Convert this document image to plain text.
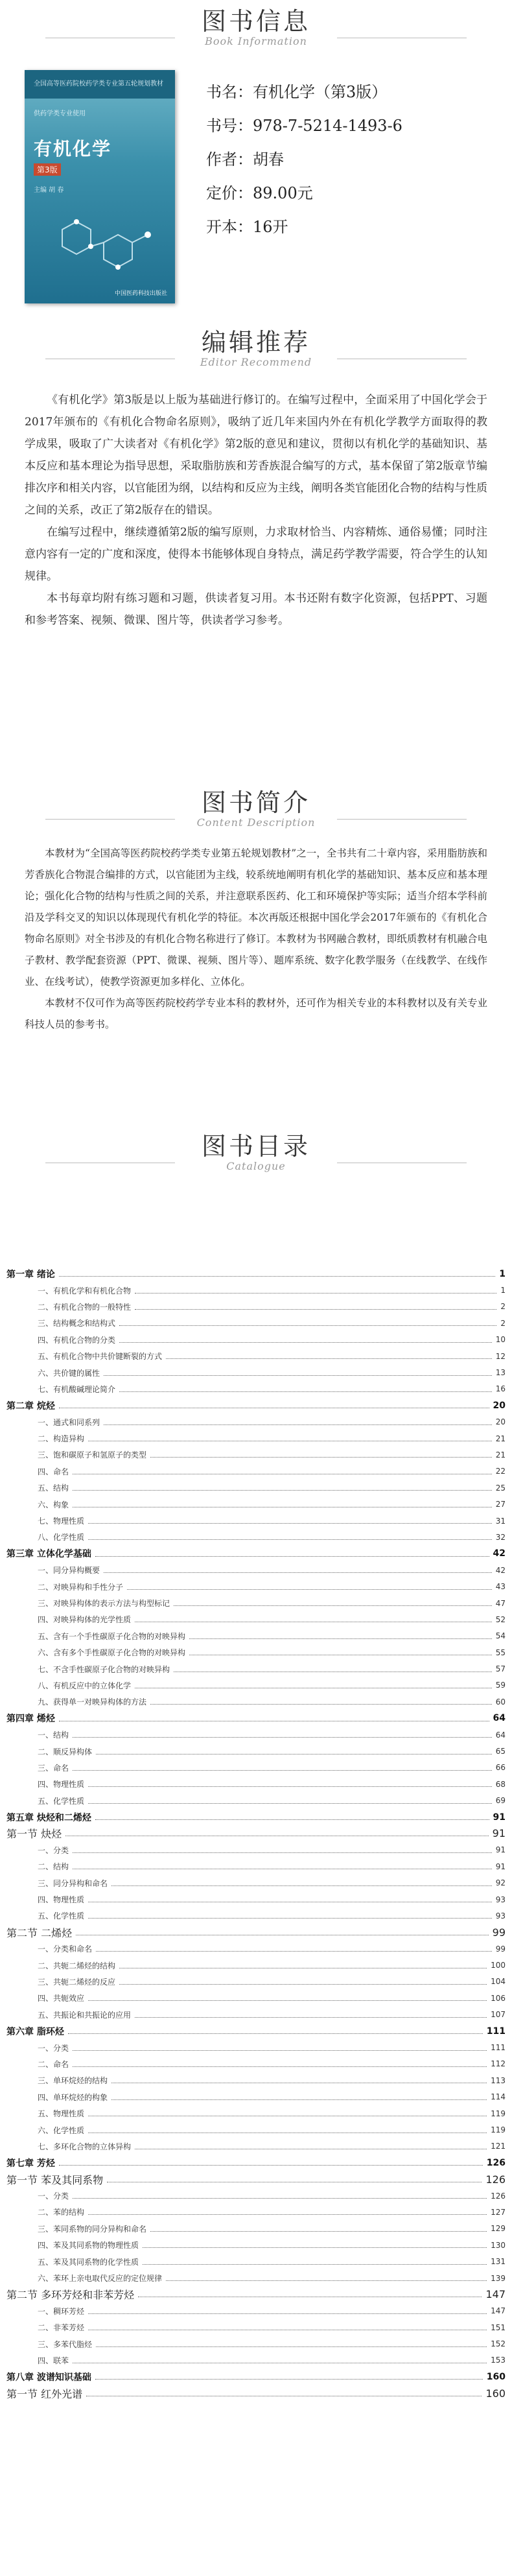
图书信息
Book Information
全国高等医药院校药学类专业第五轮规划教材
供药学类专业使用
有机化学
第3版
主编 胡 春
中国医药科技出版社
书名：有机化学（第3版）
书号：978-7-5214-1493-6
作者：胡春
定价：89.00元
开本：16开
编辑推荐
Editor Recommend

《有机化学》第3版是以上版为基础进行修订的。在编写过程中，全面采用了中国化学会于2017年颁布的《有机化合物命名原则》，吸纳了近几年来国内外在有机化学教学方面取得的教学成果，吸取了广大读者对《有机化学》第2版的意见和建议，贯彻以有机化学的基础知识、基本反应和基本理论为指导思想，采取脂肪族和芳香族混合编写的方式，基本保留了第2版章节编排次序和相关内容，以官能团为纲，以结构和反应为主线，阐明各类官能团化合物的结构与性质之间的关系，改正了第2版存在的错误。

在编写过程中，继续遵循第2版的编写原则，力求取材恰当、内容精炼、通俗易懂；同时注意内容有一定的广度和深度，使得本书能够体现自身特点，满足药学教学需要，符合学生的认知规律。

本书每章均附有练习题和习题，供读者复习用。本书还附有数字化资源，包括PPT、习题和参考答案、视频、微课、图片等，供读者学习参考。

图书简介
Content Description

本教材为“全国高等医药院校药学类专业第五轮规划教材”之一，全书共有二十章内容，采用脂肪族和芳香族化合物混合编排的方式，以官能团为主线，较系统地阐明有机化学的基础知识、基本反应和基本理论；强化化合物的结构与性质之间的关系，并注意联系医药、化工和环境保护等实际；适当介绍本学科前沿及学科交叉的知识以体现现代有机化学的特征。本次再版还根据中国化学会2017年颁布的《有机化合物命名原则》对全书涉及的有机化合物名称进行了修订。本教材为书网融合教材，即纸质教材有机融合电子教材、教学配套资源（PPT、微课、视频、图片等）、题库系统、数字化教学服务（在线教学、在线作业、在线考试），使教学资源更加多样化、立体化。

本教材不仅可作为高等医药院校药学专业本科的教材外，还可作为相关专业的本科教材以及有关专业科技人员的参考书。

图书目录
Catalogue
第一章 绪论	1
一、有机化学和有机化合物	1
二、有机化合物的一般特性	2
三、结构概念和结构式	2
四、有机化合物的分类	10
五、有机化合物中共价键断裂的方式	12
六、共价键的属性	13
七、有机酸碱理论简介	16
第二章 烷烃	20
一、通式和同系列	20
二、构造异构	21
三、饱和碳原子和氢原子的类型	21
四、命名	22
五、结构	25
六、构象	27
七、物理性质	31
八、化学性质	32
第三章 立体化学基础	42
一、同分异构概要	42
二、对映异构和手性分子	43
三、对映异构体的表示方法与构型标记	47
四、对映异构体的光学性质	52
五、含有一个手性碳原子化合物的对映异构	54
六、含有多个手性碳原子化合物的对映异构	55
七、不含手性碳原子化合物的对映异构	57
八、有机反应中的立体化学	59
九、获得单一对映异构体的方法	60
第四章 烯烃	64
一、结构	64
二、顺反异构体	65
三、命名	66
四、物理性质	68
五、化学性质	69
第五章 炔烃和二烯烃	91
第一节 炔烃	91
一、分类	91
二、结构	91
三、同分异构和命名	92
四、物理性质	93
五、化学性质	93
第二节 二烯烃	99
一、分类和命名	99
二、共轭二烯烃的结构	100
三、共轭二烯烃的反应	104
四、共轭效应	106
五、共振论和共振论的应用	107
第六章 脂环烃	111
一、分类	111
二、命名	112
三、单环烷烃的结构	113
四、单环烷烃的构象	114
五、物理性质	119
六、化学性质	119
七、多环化合物的立体异构	121
第七章 芳烃	126
第一节 苯及其同系物	126
一、分类	126
二、苯的结构	127
三、苯同系物的同分异构和命名	129
四、苯及其同系物的物理性质	130
五、苯及其同系物的化学性质	131
六、苯环上亲电取代反应的定位规律	139
第二节 多环芳烃和非苯芳烃	147
一、稠环芳烃	147
二、非苯芳烃	151
三、多苯代脂烃	152
四、联苯	153
第八章 波谱知识基础	160
第一节 红外光谱	160
